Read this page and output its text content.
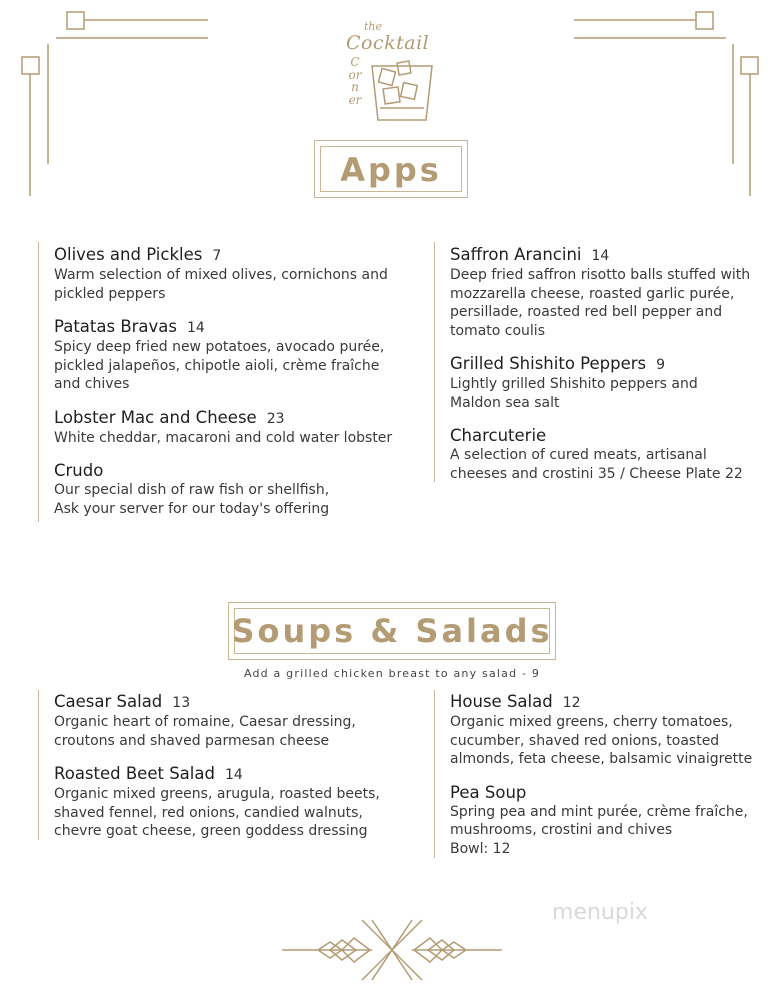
the
Cocktail
Corner
Apps
Olives and Pickles 7
Warm selection of mixed olives, cornichons and
pickled peppers
Patatas Bravas 14
Spicy deep fried new potatoes, avocado purée,
pickled jalapeños, chipotle aioli, crème fraîche
and chives
Lobster Mac and Cheese 23
White cheddar, macaroni and cold water lobster
Crudo
Our special dish of raw fish or shellfish,
Ask your server for our today's offering
Saffron Arancini 14
Deep fried saffron risotto balls stuffed with
mozzarella cheese, roasted garlic purée,
persillade, roasted red bell pepper and
tomato coulis
Grilled Shishito Peppers 9
Lightly grilled Shishito peppers and
Maldon sea salt
Charcuterie
A selection of cured meats, artisanal
cheeses and crostini 35 / Cheese Plate 22
Soups & Salads
Add a grilled chicken breast to any salad - 9
Caesar Salad 13
Organic heart of romaine, Caesar dressing,
croutons and shaved parmesan cheese
Roasted Beet Salad 14
Organic mixed greens, arugula, roasted beets,
shaved fennel, red onions, candied walnuts,
chevre goat cheese, green goddess dressing
House Salad 12
Organic mixed greens, cherry tomatoes,
cucumber, shaved red onions, toasted
almonds, feta cheese, balsamic vinaigrette
Pea Soup
Spring pea and mint purée, crème fraîche,
mushrooms, crostini and chives
Bowl: 12
menupix
